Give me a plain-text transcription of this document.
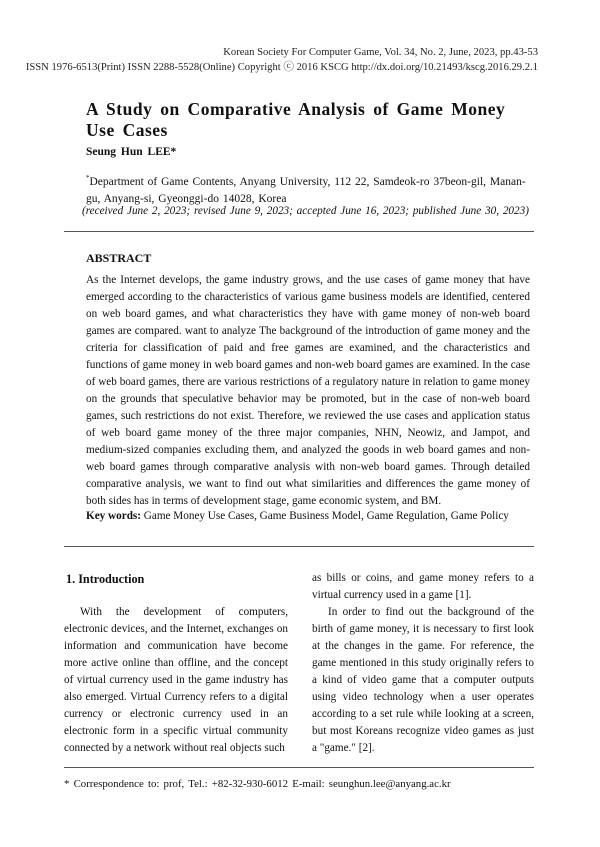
Korean Society For Computer Game, Vol. 34, No. 2, June, 2023, pp.43-53
ISSN 1976-6513(Print) ISSN 2288-5528(Online) Copyright ⓒ 2016 KSCG http://dx.doi.org/10.21493/kscg.2016.29.2.1
A Study on Comparative Analysis of Game Money Use Cases
Seung Hun LEE*
*Department of Game Contents, Anyang University, 112 22, Samdeok-ro 37beon-gil, Manan-gu, Anyang-si, Gyeonggi-do 14028, Korea
(received June 2, 2023; revised June 9, 2023; accepted June 16, 2023; published June 30, 2023)
ABSTRACT
As the Internet develops, the game industry grows, and the use cases of game money that have emerged according to the characteristics of various game business models are identified, centered on web board games, and what characteristics they have with game money of non-web board games are compared. want to analyze The background of the introduction of game money and the criteria for classification of paid and free games are examined, and the characteristics and functions of game money in web board games and non-web board games are examined. In the case of web board games, there are various restrictions of a regulatory nature in relation to game money on the grounds that speculative behavior may be promoted, but in the case of non-web board games, such restrictions do not exist. Therefore, we reviewed the use cases and application status of web board game money of the three major companies, NHN, Neowiz, and Jampot, and medium-sized companies excluding them, and analyzed the goods in web board games and non-web board games through comparative analysis with non-web board games. Through detailed comparative analysis, we want to find out what similarities and differences the game money of both sides has in terms of development stage, game economic system, and BM.
Key words: Game Money Use Cases, Game Business Model, Game Regulation, Game Policy
1. Introduction
With the development of computers, electronic devices, and the Internet, exchanges on information and communication have become more active online than offline, and the concept of virtual currency used in the game industry has also emerged. Virtual Currency refers to a digital currency or electronic currency used in an electronic form in a specific virtual community connected by a network without real objects such

as bills or coins, and game money refers to a virtual currency used in a game [1].

In order to find out the background of the birth of game money, it is necessary to first look at the changes in the game. For reference, the game mentioned in this study originally refers to a kind of video game that a computer outputs using video technology when a user operates according to a set rule while looking at a screen, but most Koreans recognize video games as just a "game." [2].

* Correspondence to: prof, Tel.: +82-32-930-6012 E-mail: seunghun.lee@anyang.ac.kr
